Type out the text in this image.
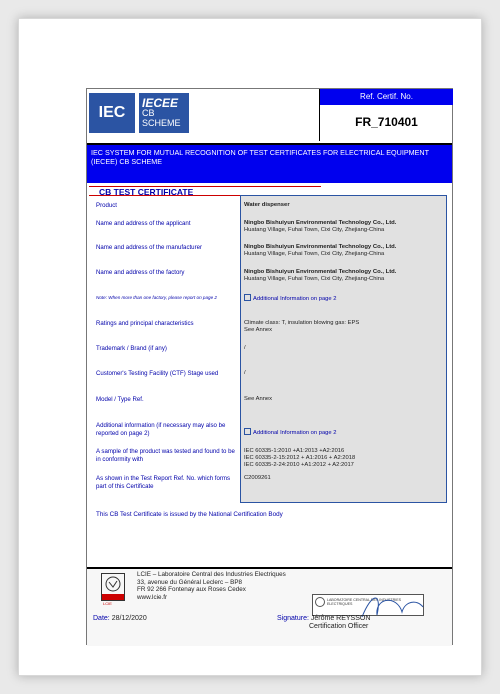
IEC
IECEE
CB
SCHEME
Ref. Certif. No.
FR_710401
IEC SYSTEM FOR MUTUAL RECOGNITION OF TEST CERTIFICATES FOR ELECTRICAL EQUIPMENT (IECEE) CB SCHEME
CB TEST CERTIFICATE
Product	Water dispenser
Name and address of the applicant	Ningbo Bishuiyun Environmental Technology Co., Ltd.
Huatang Village, Fuhai Town, Cixi City, Zhejiang-China
Name and address of the manufacturer	Ningbo Bishuiyun Environmental Technology Co., Ltd.
Huatang Village, Fuhai Town, Cixi City, Zhejiang-China
Name and address of the factory	Ningbo Bishuiyun Environmental Technology Co., Ltd.
Huatang Village, Fuhai Town, Cixi City, Zhejiang-China
Note: When more than one factory, please report on page 2	Additional Information on page 2
Ratings and principal characteristics	Climate class: T, insulation blowing gas: EPS
See Annex
Trademark / Brand (if any)	/
Customer's Testing Facility (CTF) Stage used	/
Model / Type Ref.	See Annex
Additional information (if necessary may also be reported on page 2)	Additional Information on page 2
A sample of the product was tested and found to be in conformity with
IEC 60335-1:2010 +A1:2013 +A2:2016
IEC 60335-2-15:2012 + A1:2016 + A2:2018
IEC 60335-2-24:2010 +A1:2012 + A2:2017
As shown in the Test Report Ref. No. which forms part of this Certificate
C2009261
This CB Test Certificate is issued by the National Certification Body
LCIE
LCIE – Laboratoire Central des Industries Electriques
33, avenue du Général Leclerc – BP8
FR 92 266 Fontenay aux Roses Cedex
www.lcie.fr	LABORATOIRE CENTRAL DES INDUSTRIES ELECTRIQUES
Date: 28/12/2020	Signature: Jérôme REYSSON
Certification Officer
